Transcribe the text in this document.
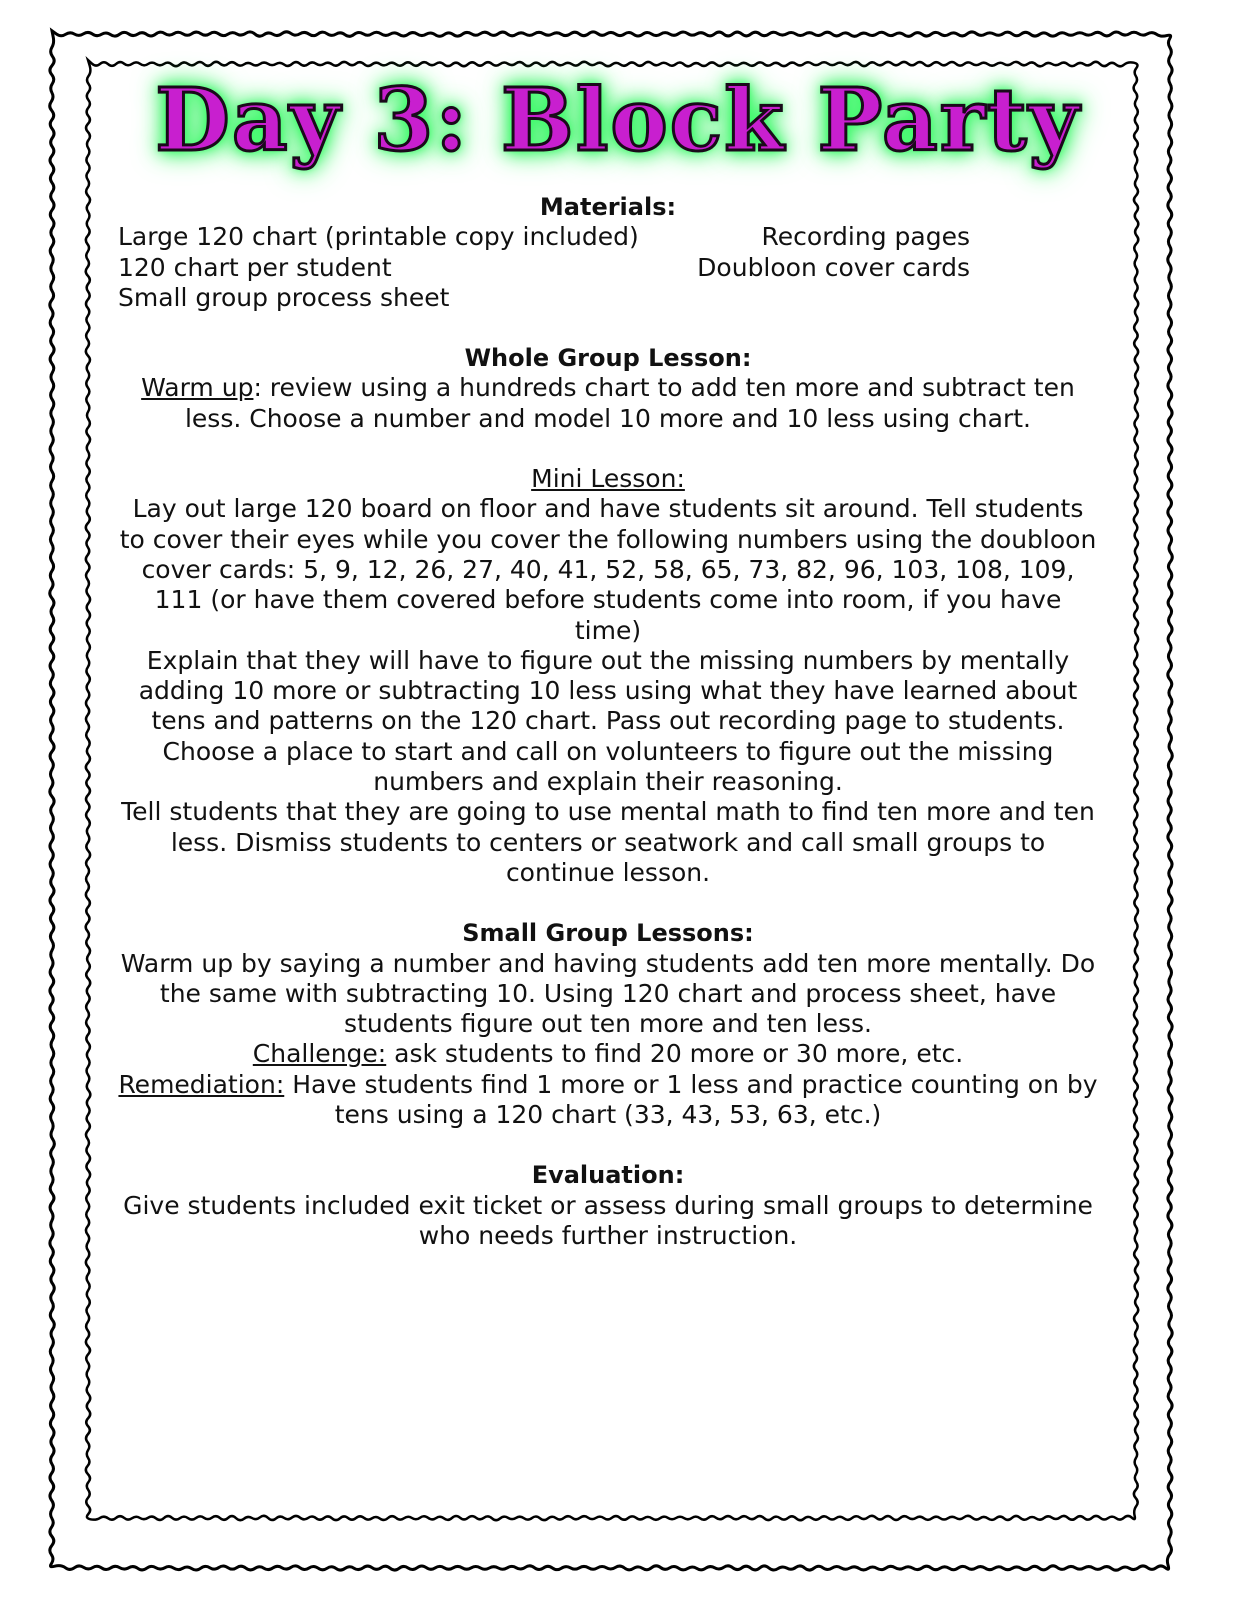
Day 3: Block Party
Materials:
Large 120 chart (printable copy included)	Recording pages
120 chart per student	Doubloon cover cards
Small group process sheet
Whole Group Lesson:
Warm up: review using a hundreds chart to add ten more and subtract ten less. Choose a number and model 10 more and 10 less using chart.
Mini Lesson:
Lay out large 120 board on floor and have students sit around. Tell students to cover their eyes while you cover the following numbers using the doubloon cover cards: 5, 9, 12, 26, 27, 40, 41, 52, 58, 65, 73, 82, 96, 103, 108, 109, 111 (or have them covered before students come into room, if you have time)
Explain that they will have to figure out the missing numbers by mentally adding 10 more or subtracting 10 less using what they have learned about tens and patterns on the 120 chart. Pass out recording page to students. Choose a place to start and call on volunteers to figure out the missing numbers and explain their reasoning.
Tell students that they are going to use mental math to find ten more and ten less. Dismiss students to centers or seatwork and call small groups to continue lesson.
Small Group Lessons:
Warm up by saying a number and having students add ten more mentally. Do the same with subtracting 10. Using 120 chart and process sheet, have students figure out ten more and ten less.
Challenge: ask students to find 20 more or 30 more, etc.
Remediation: Have students find 1 more or 1 less and practice counting on by tens using a 120 chart (33, 43, 53, 63, etc.)
Evaluation:
Give students included exit ticket or assess during small groups to determine who needs further instruction.
